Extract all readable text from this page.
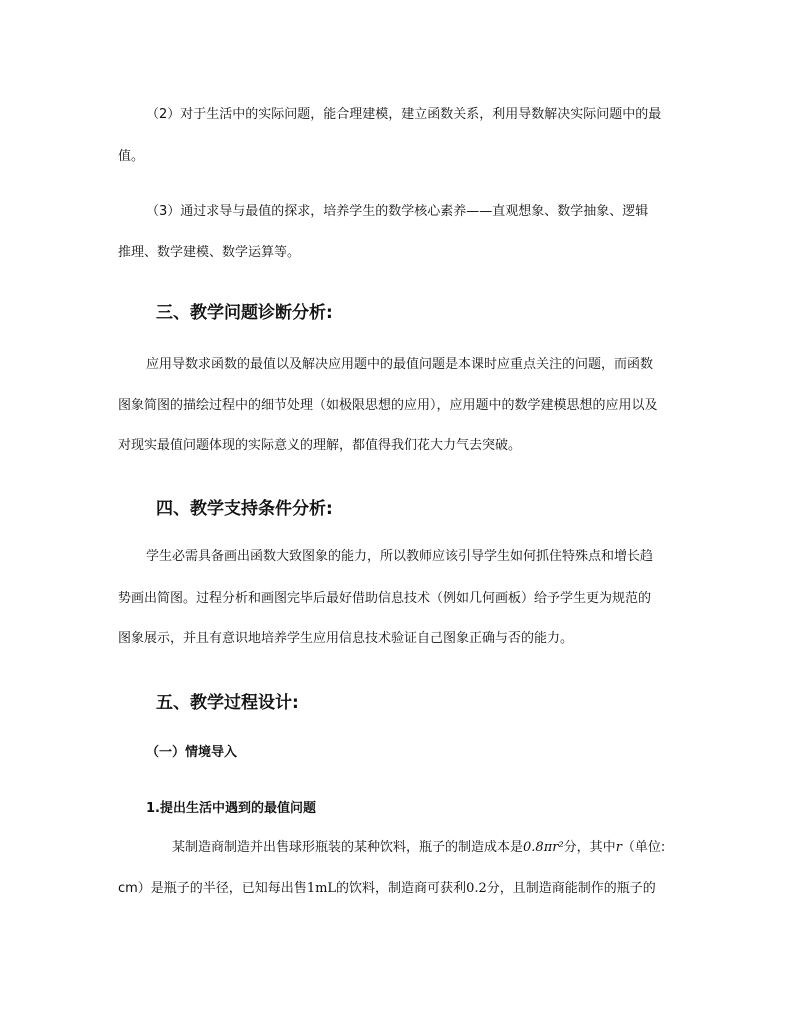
（2）对于生活中的实际问题，能合理建模，建立函数关系，利用导数解决实际问题中的最
值。
（3）通过求导与最值的探求，培养学生的数学核心素养——直观想象、数学抽象、逻辑
推理、数学建模、数学运算等。
三、教学问题诊断分析:
应用导数求函数的最值以及解决应用题中的最值问题是本课时应重点关注的问题，而函数
图象简图的描绘过程中的细节处理（如极限思想的应用），应用题中的数学建模思想的应用以及
对现实最值问题体现的实际意义的理解，都值得我们花大力气去突破。
四、教学支持条件分析:
学生必需具备画出函数大致图象的能力，所以教师应该引导学生如何抓住特殊点和增长趋
势画出简图。过程分析和画图完毕后最好借助信息技术（例如几何画板）给予学生更为规范的
图象展示，并且有意识地培养学生应用信息技术验证自己图象正确与否的能力。
五、教学过程设计:
（一）情境导入
1.提出生活中遇到的最值问题
某制造商制造并出售球形瓶装的某种饮料，瓶子的制造成本是0.8πr²分，其中r（单位:
cm）是瓶子的半径，已知每出售1mL的饮料，制造商可获利0.2分，且制造商能制作的瓶子的
